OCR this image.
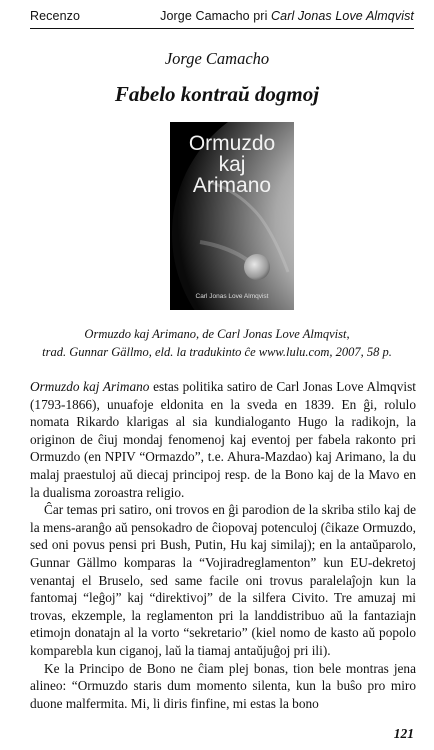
Recenzo	Jorge Camacho pri Carl Jonas Love Almqvist
Jorge Camacho
Fabelo kontraŭ dogmoj
Ormuzdo
kaj
Arimano
Carl Jonas Love Almqvist
Ormuzdo kaj Arimano, de Carl Jonas Love Almqvist,
trad. Gunnar Gällmo, eld. la tradukinto ĉe www.lulu.com, 2007, 58 p.

Ormuzdo kaj Arimano estas politika satiro de Carl Jonas Love Almqvist (1793-1866), unuafoje eldonita en la sveda en 1839. En ĝi, rolulo nomata Rikardo klarigas al sia kundialoganto Hugo la radikojn, la originon de ĉiuj mondaj fenomenoj kaj eventoj per fabela rakonto pri Ormuzdo (en NPIV “Ormazdo”, t.e. Ahura-Mazdao) kaj Arimano, la du malaj praestuloj aŭ diecaj principoj resp. de la Bono kaj de la Mavo en la dualisma zoroastra religio.

Ĉar temas pri satiro, oni trovos en ĝi parodion de la skriba stilo kaj de la mens-aranĝo aŭ pensokadro de ĉiopovaj potenculoj (ĉikaze Ormuzdo, sed oni povus pensi pri Bush, Putin, Hu kaj similaj); en la antaŭparolo, Gunnar Gällmo komparas la “Vojiradreglamenton” kun EU-dekretoj venantaj el Bruselo, sed same facile oni trovus paralelaĵojn kun la fantomaj “leĝoj” kaj “direktivoj” de la silfera Civito. Tre amuzaj mi trovas, ekzemple, la reglamenton pri la landdistribuo aŭ la fantaziajn etimojn donatajn al la vorto “sekretario” (kiel nomo de kasto aŭ popolo komparebla kun ciganoj, laŭ la tiamaj antaŭjuĝoj pri ili).

Ke la Principo de Bono ne ĉiam plej bonas, tion bele montras jena alineo: “Ormuzdo staris dum momento silenta, kun la buŝo pro miro duone malfermita. Mi, li diris finfine, mi estas la bono

121
